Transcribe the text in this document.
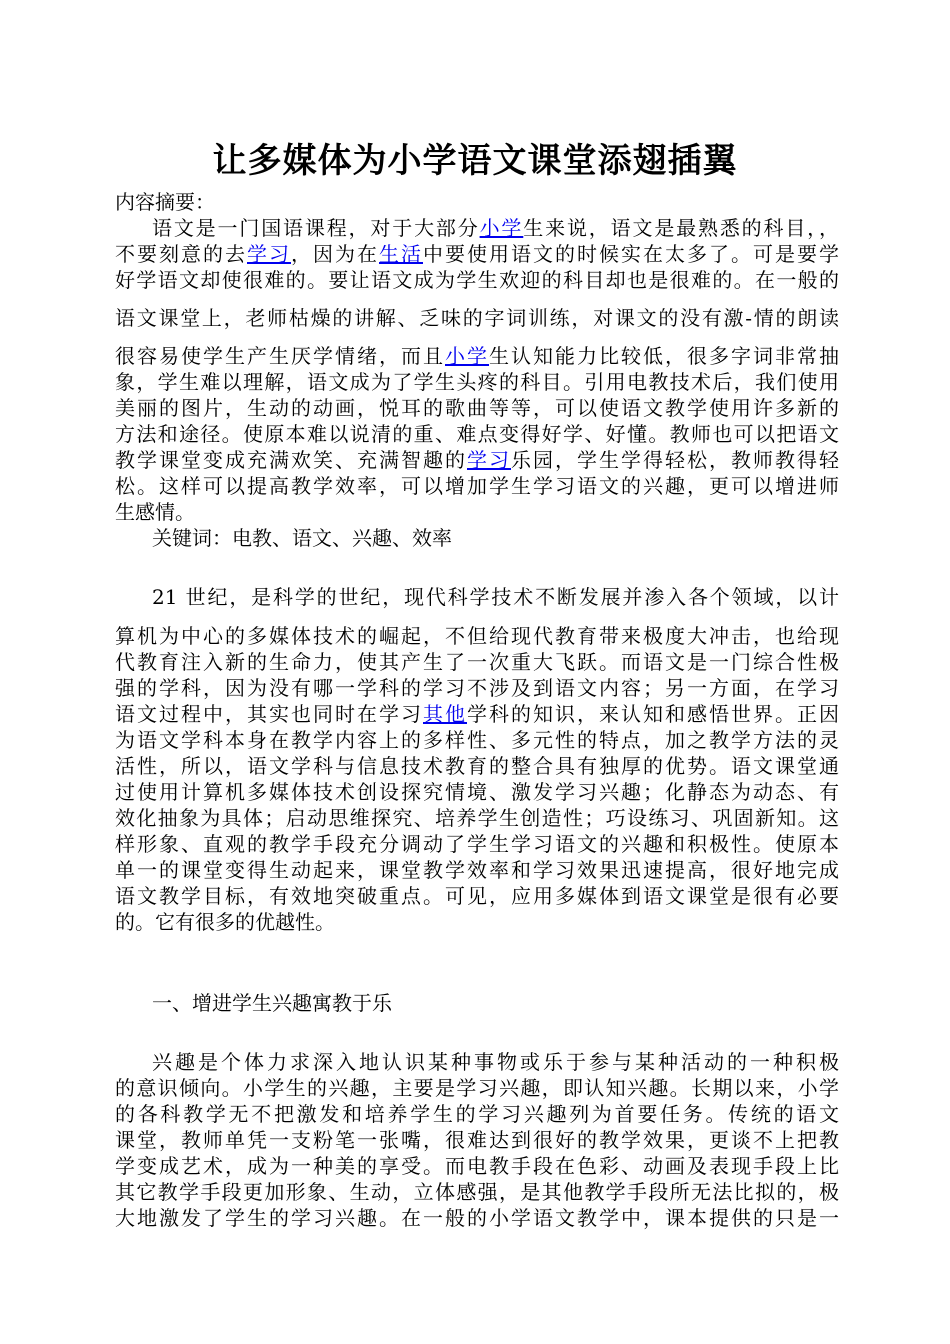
让多媒体为小学语文课堂添翅插翼
内容摘要：
语文是一门国语课程，对于大部分小学生来说，语文是最熟悉的科目，，
不要刻意的去学习，因为在生活中要使用语文的时候实在太多了。可是要学
好学语文却使很难的。要让语文成为学生欢迎的科目却也是很难的。在一般的
语文课堂上，老师枯燥的讲解、乏味的字词训练，对课文的没有激-情的朗读
很容易使学生产生厌学情绪，而且小学生认知能力比较低，很多字词非常抽
象，学生难以理解，语文成为了学生头疼的科目。引用电教技术后，我们使用
美丽的图片，生动的动画，悦耳的歌曲等等，可以使语文教学使用许多新的
方法和途径。使原本难以说清的重、难点变得好学、好懂。教师也可以把语文
教学课堂变成充满欢笑、充满智趣的学习乐园，学生学得轻松，教师教得轻
松。这样可以提高教学效率，可以增加学生学习语文的兴趣，更可以增进师
生感情。
关键词：电教、语文、兴趣、效率
21 世纪，是科学的世纪，现代科学技术不断发展并渗入各个领域，以计
算机为中心的多媒体技术的崛起，不但给现代教育带来极度大冲击，也给现
代教育注入新的生命力，使其产生了一次重大飞跃。而语文是一门综合性极
强的学科，因为没有哪一学科的学习不涉及到语文内容；另一方面，在学习
语文过程中，其实也同时在学习其他学科的知识，来认知和感悟世界。正因
为语文学科本身在教学内容上的多样性、多元性的特点，加之教学方法的灵
活性，所以，语文学科与信息技术教育的整合具有独厚的优势。语文课堂通
过使用计算机多媒体技术创设探究情境、激发学习兴趣；化静态为动态、有
效化抽象为具体；启动思维探究、培养学生创造性；巧设练习、巩固新知。这
样形象、直观的教学手段充分调动了学生学习语文的兴趣和积极性。使原本
单一的课堂变得生动起来，课堂教学效率和学习效果迅速提高，很好地完成
语文教学目标，有效地突破重点。可见，应用多媒体到语文课堂是很有必要
的。它有很多的优越性。
一、增进学生兴趣寓教于乐
兴趣是个体力求深入地认识某种事物或乐于参与某种活动的一种积极
的意识倾向。小学生的兴趣，主要是学习兴趣，即认知兴趣。长期以来，小学
的各科教学无不把激发和培养学生的学习兴趣列为首要任务。传统的语文
课堂，教师单凭一支粉笔一张嘴，很难达到很好的教学效果，更谈不上把教
学变成艺术，成为一种美的享受。而电教手段在色彩、动画及表现手段上比
其它教学手段更加形象、生动，立体感强，是其他教学手段所无法比拟的，极
大地激发了学生的学习兴趣。在一般的小学语文教学中，课本提供的只是一
